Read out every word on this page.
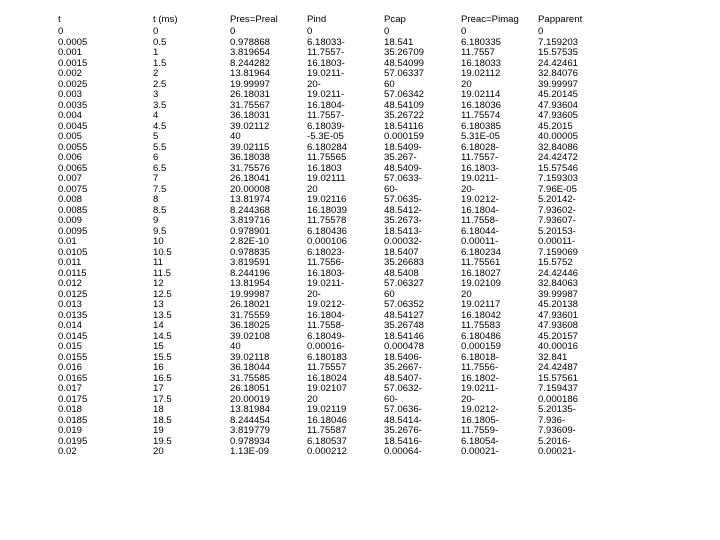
t	t (ms)	Pres=Preal	Pind	Pcap	Preac=Pimag	Papparent
0	0	0	0	0	0	0
0.0005	0.5	0.978868	6.18033-	18.541	6.180335	7.159203
0.001	1	3.819654	11.7557-	35.26709	11.7557	15.57535
0.0015	1.5	8.244282	16.1803-	48.54099	16.18033	24.42461
0.002	2	13.81964	19.0211-	57.06337	19.02112	32.84076
0.0025	2.5	19.99997	20-	60	20	39.99997
0.003	3	26.18031	19.0211-	57.06342	19.02114	45.20145
0.0035	3.5	31.75567	16.1804-	48.54109	16.18036	47.93604
0.004	4	36.18031	11.7557-	35.26722	11.75574	47.93605
0.0045	4.5	39.02112	6.18039-	18.54116	6.180385	45.2015
0.005	5	40	-5.3E-05	0.000159	5.31E-05	40.00005
0.0055	5.5	39.02115	6.180284	18.5409-	6.18028-	32.84086
0.006	6	36.18038	11.75565	35.267-	11.7557-	24.42472
0.0065	6.5	31.75576	16.1803	48.5409-	16.1803-	15.57546
0.007	7	26.18041	19.02111	57.0633-	19.0211-	7.159303
0.0075	7.5	20.00008	20	60-	20-	7.96E-05
0.008	8	13.81974	19.02116	57.0635-	19.0212-	5.20142-
0.0085	8.5	8.244368	16.18039	48.5412-	16.1804-	7.93602-
0.009	9	3.819716	11.75578	35.2673-	11.7558-	7.93607-
0.0095	9.5	0.978901	6.180436	18.5413-	6.18044-	5.20153-
0.01	10	2.82E-10	0.000106	0.00032-	0.00011-	0.00011-
0.0105	10.5	0.978835	6.18023-	18.5407	6.180234	7.159069
0.011	11	3.819591	11.7556-	35.26683	11.75561	15.5752
0.0115	11.5	8.244196	16.1803-	48.5408	16.18027	24.42446
0.012	12	13.81954	19.0211-	57.06327	19.02109	32.84063
0.0125	12.5	19.99987	20-	60	20	39.99987
0.013	13	26.18021	19.0212-	57.06352	19.02117	45.20138
0.0135	13.5	31.75559	16.1804-	48.54127	16.18042	47.93601
0.014	14	36.18025	11.7558-	35.26748	11.75583	47.93608
0.0145	14.5	39.02108	6.18049-	18.54146	6.180486	45.20157
0.015	15	40	0.00016-	0.000478	0.000159	40.00016
0.0155	15.5	39.02118	6.180183	18.5406-	6.18018-	32.841
0.016	16	36.18044	11.75557	35.2667-	11.7556-	24.42487
0.0165	16.5	31.75585	16.18024	48.5407-	16.1802-	15.57561
0.017	17	26.18051	19.02107	57.0632-	19.0211-	7.159437
0.0175	17.5	20.00019	20	60-	20-	0.000186
0.018	18	13.81984	19.02119	57.0636-	19.0212-	5.20135-
0.0185	18.5	8.244454	16.18046	48.5414-	16.1805-	7.936-
0.019	19	3.819779	11.75587	35.2676-	11.7559-	7.93609-
0.0195	19.5	0.978934	6.180537	18.5416-	6.18054-	5.2016-
0.02	20	1.13E-09	0.000212	0.00064-	0.00021-	0.00021-
